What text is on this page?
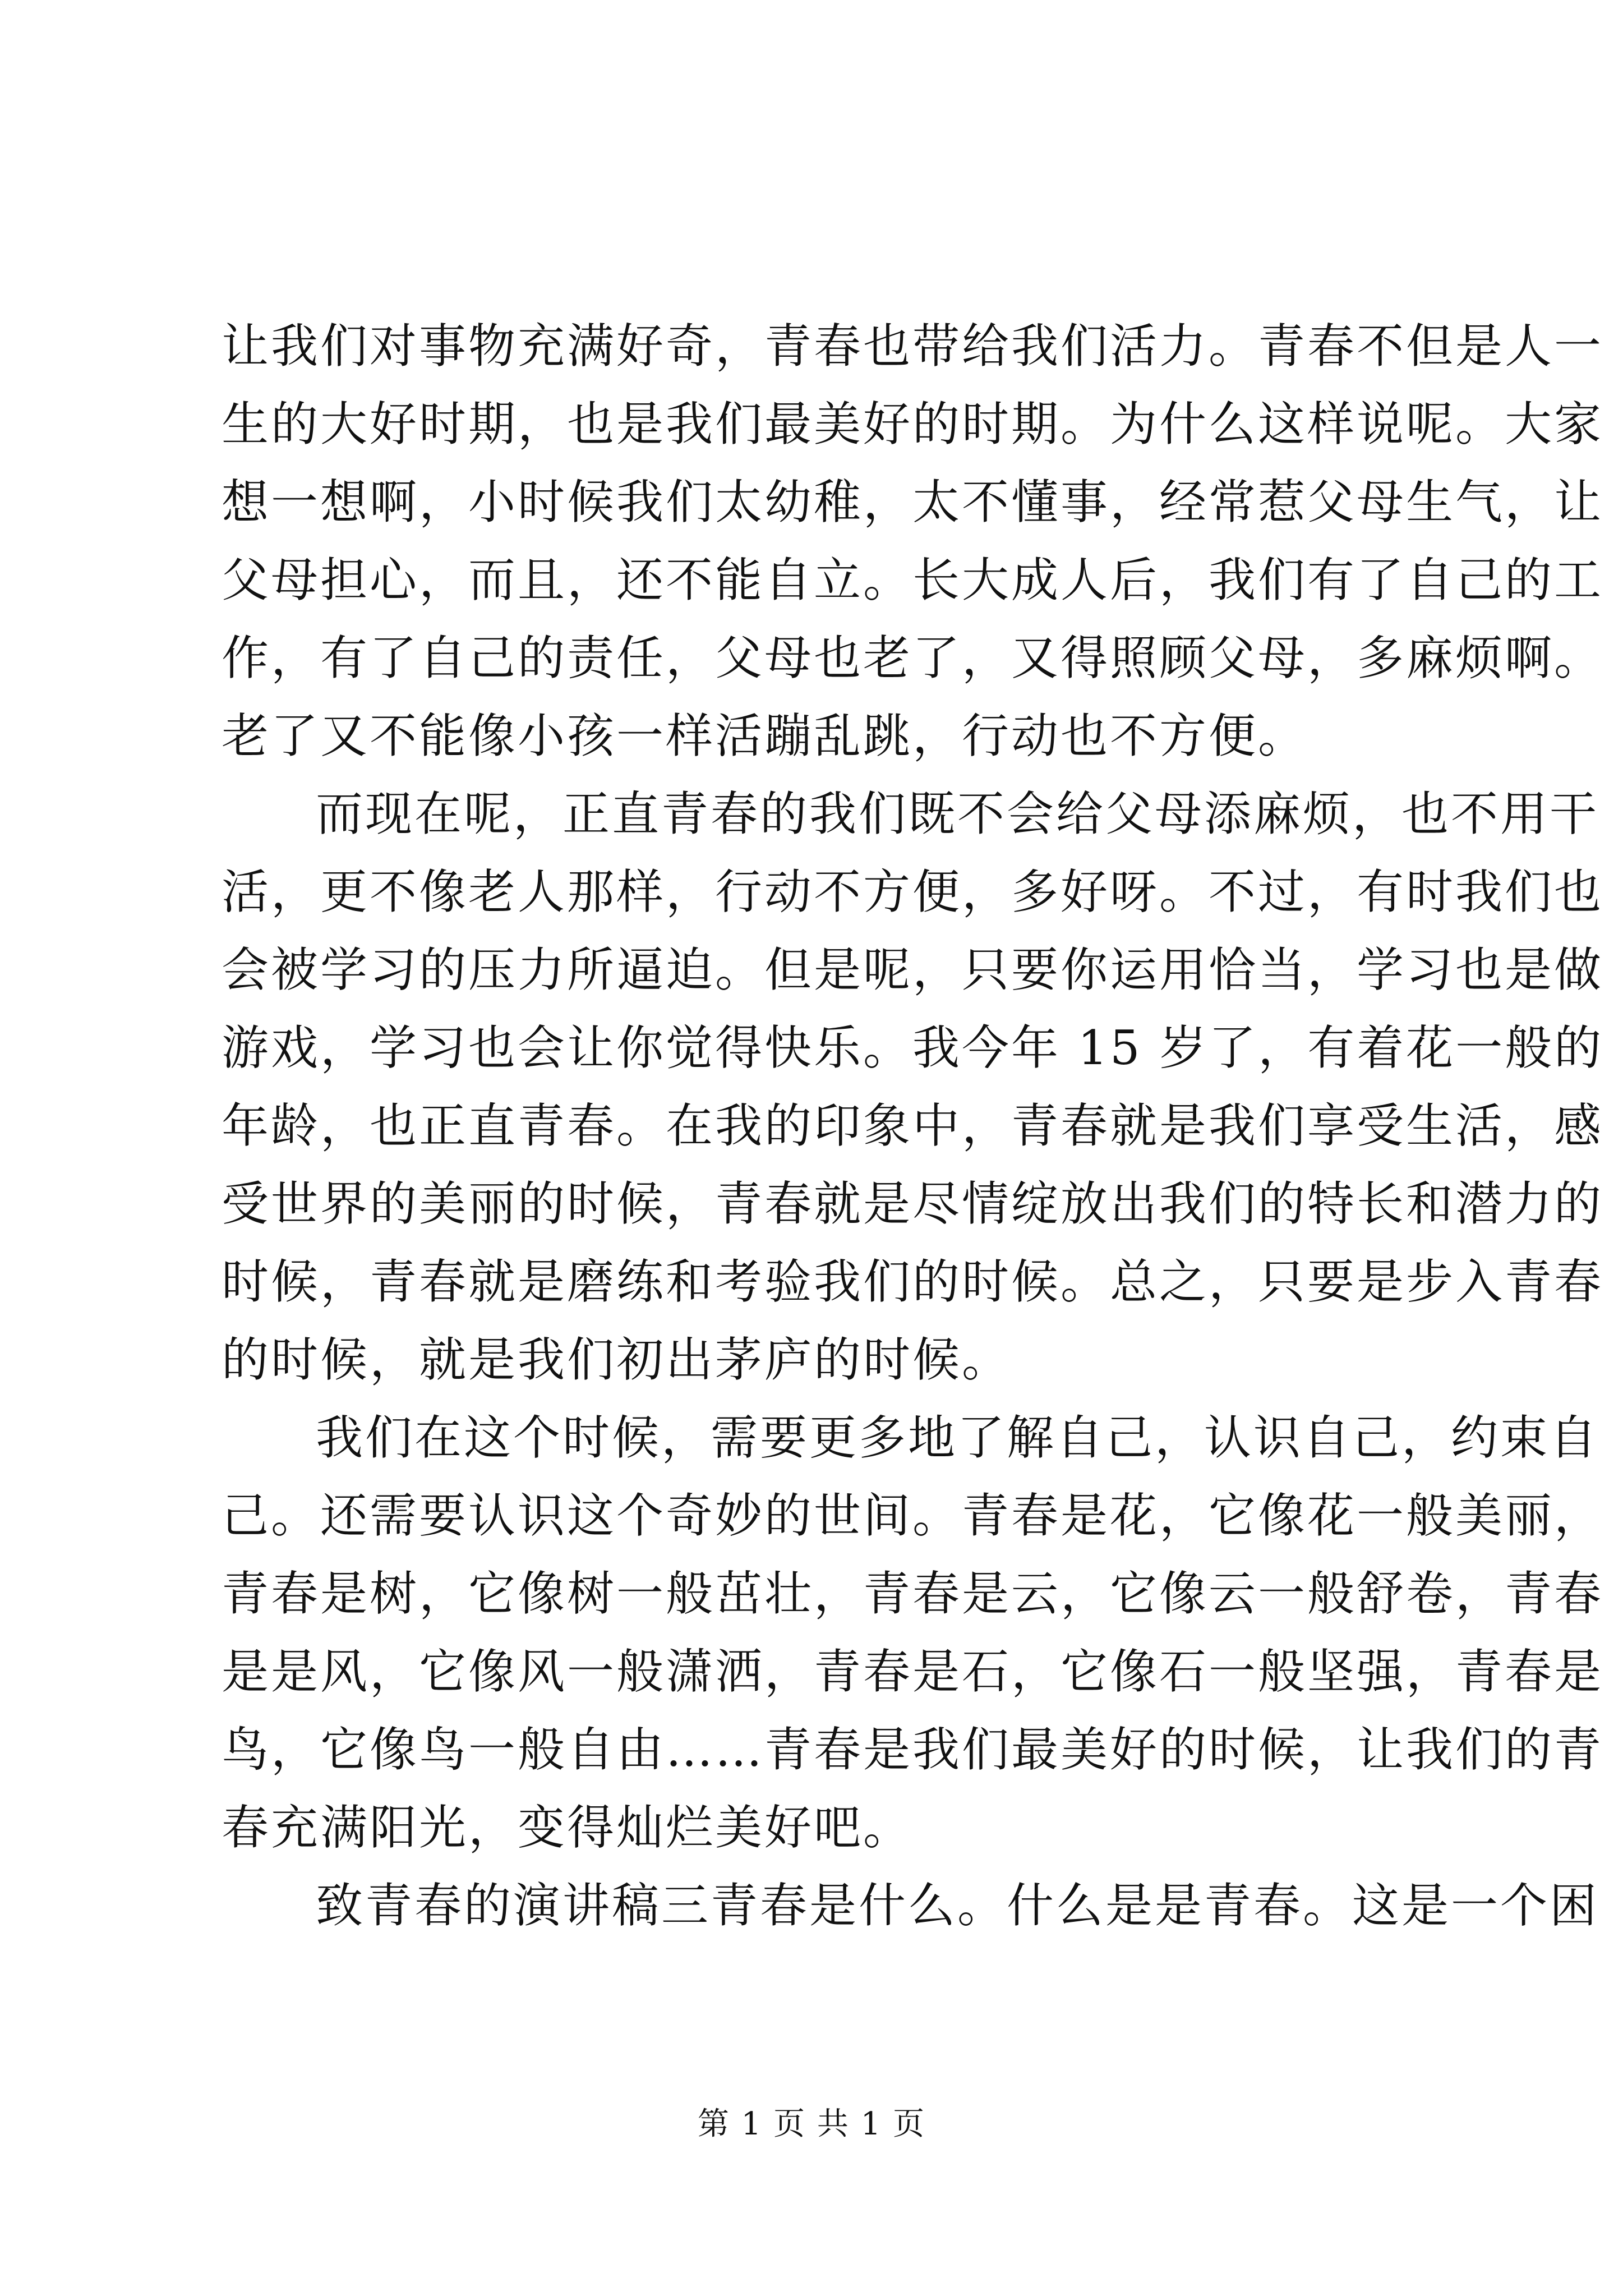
让我们对事物充满好奇，青春也带给我们活力。青春不但是人一
生的大好时期，也是我们最美好的时期。为什么这样说呢。大家
想一想啊，小时候我们太幼稚，太不懂事，经常惹父母生气，让
父母担心，而且，还不能自立。长大成人后，我们有了自己的工
作，有了自己的责任，父母也老了，又得照顾父母，多麻烦啊。
老了又不能像小孩一样活蹦乱跳，行动也不方便。
而现在呢，正直青春的我们既不会给父母添麻烦，也不用干
活，更不像老人那样，行动不方便，多好呀。不过，有时我们也
会被学习的压力所逼迫。但是呢，只要你运用恰当，学习也是做
游戏，学习也会让你觉得快乐。我今年 15 岁了，有着花一般的
年龄，也正直青春。在我的印象中，青春就是我们享受生活，感
受世界的美丽的时候，青春就是尽情绽放出我们的特长和潜力的
时候，青春就是磨练和考验我们的时候。总之，只要是步入青春
的时候，就是我们初出茅庐的时候。
我们在这个时候，需要更多地了解自己，认识自己，约束自
己。还需要认识这个奇妙的世间。青春是花，它像花一般美丽，
青春是树，它像树一般茁壮，青春是云，它像云一般舒卷，青春
是是风，它像风一般潇洒，青春是石，它像石一般坚强，青春是
鸟，它像鸟一般自由……青春是我们最美好的时候，让我们的青
春充满阳光，变得灿烂美好吧。
致青春的演讲稿三青春是什么。什么是是青春。这是一个困
第 1 页 共 1 页
